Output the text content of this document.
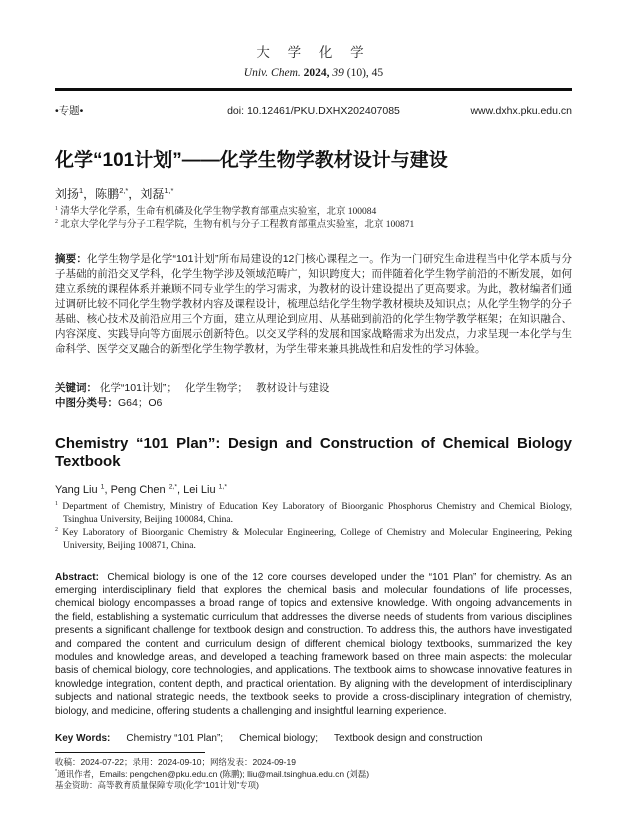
大 学 化 学
Univ. Chem. 2024, 39 (10), 45
•专题•	doi: 10.12461/PKU.DXHX202407085	www.dxhx.pku.edu.cn
化学“101计划”——化学生物学教材设计与建设
刘扬$^1$，陈鹏$^{2,*}$，刘磊$^{1,*}$
$^1$ 清华大学化学系，生命有机磷及化学生物学教育部重点实验室，北京 100084
$^2$ 北京大学化学与分子工程学院，生物有机与分子工程教育部重点实验室，北京 100871

摘要：化学生物学是化学“101计划”所布局建设的12门核心课程之一。作为一门研究生命进程当中化学本质与分子基础的前沿交叉学科，化学生物学涉及领域范畴广，知识跨度大；而伴随着化学生物学前沿的不断发展，如何建立系统的课程体系并兼顾不同专业学生的学习需求，为教材的设计建设提出了更高要求。为此，教材编者们通过调研比较不同化学生物学教材内容及课程设计，梳理总结化学生物学教材模块及知识点；从化学生物学的分子基础、核心技术及前沿应用三个方面，建立从理论到应用、从基础到前沿的化学生物学教学框架；在知识融合、内容深度、实践导向等方面展示创新特色。以交叉学科的发展和国家战略需求为出发点，力求呈现一本化学与生命科学、医学交叉融合的新型化学生物学教材，为学生带来兼具挑战性和启发性的学习体验。

关键词： 化学“101计划”； 化学生物学； 教材设计与建设
中图分类号：G64；O6
Chemistry “101 Plan”: Design and Construction of Chemical Biology Textbook
Yang Liu $^1$, Peng Chen $^{2,*}$, Lei Liu $^{1,*}$
$^1$ Department of Chemistry, Ministry of Education Key Laboratory of Bioorganic Phosphorus Chemistry and Chemical Biology, Tsinghua University, Beijing 100084, China.
$^2$ Key Laboratory of Bioorganic Chemistry & Molecular Engineering, College of Chemistry and Molecular Engineering, Peking University, Beijing 100871, China.

Abstract: Chemical biology is one of the 12 core courses developed under the “101 Plan” for chemistry. As an emerging interdisciplinary field that explores the chemical basis and molecular foundations of life processes, chemical biology encompasses a broad range of topics and extensive knowledge. With ongoing advancements in the field, establishing a systematic curriculum that addresses the diverse needs of students from various disciplines presents a significant challenge for textbook design and construction. To address this, the authors have investigated and compared the content and curriculum design of different chemical biology textbooks, summarized the key modules and knowledge areas, and developed a teaching framework based on three main aspects: the molecular basis of chemical biology, core technologies, and applications. The textbook aims to showcase innovative features in knowledge integration, content depth, and practical orientation. By aligning with the development of interdisciplinary subjects and national strategic needs, the textbook seeks to provide a cross-disciplinary integration of chemistry, biology, and medicine, offering students a challenging and insightful learning experience.

Key Words: Chemistry “101 Plan”; Chemical biology; Textbook design and construction
收稿：2024-07-22；录用：2024-09-10；网络发表：2024-09-19
*通讯作者，Emails: pengchen@pku.edu.cn (陈鹏); lliu@mail.tsinghua.edu.cn (刘磊)
基金资助：高等教育质量保障专项(化学“101计划”专项)
